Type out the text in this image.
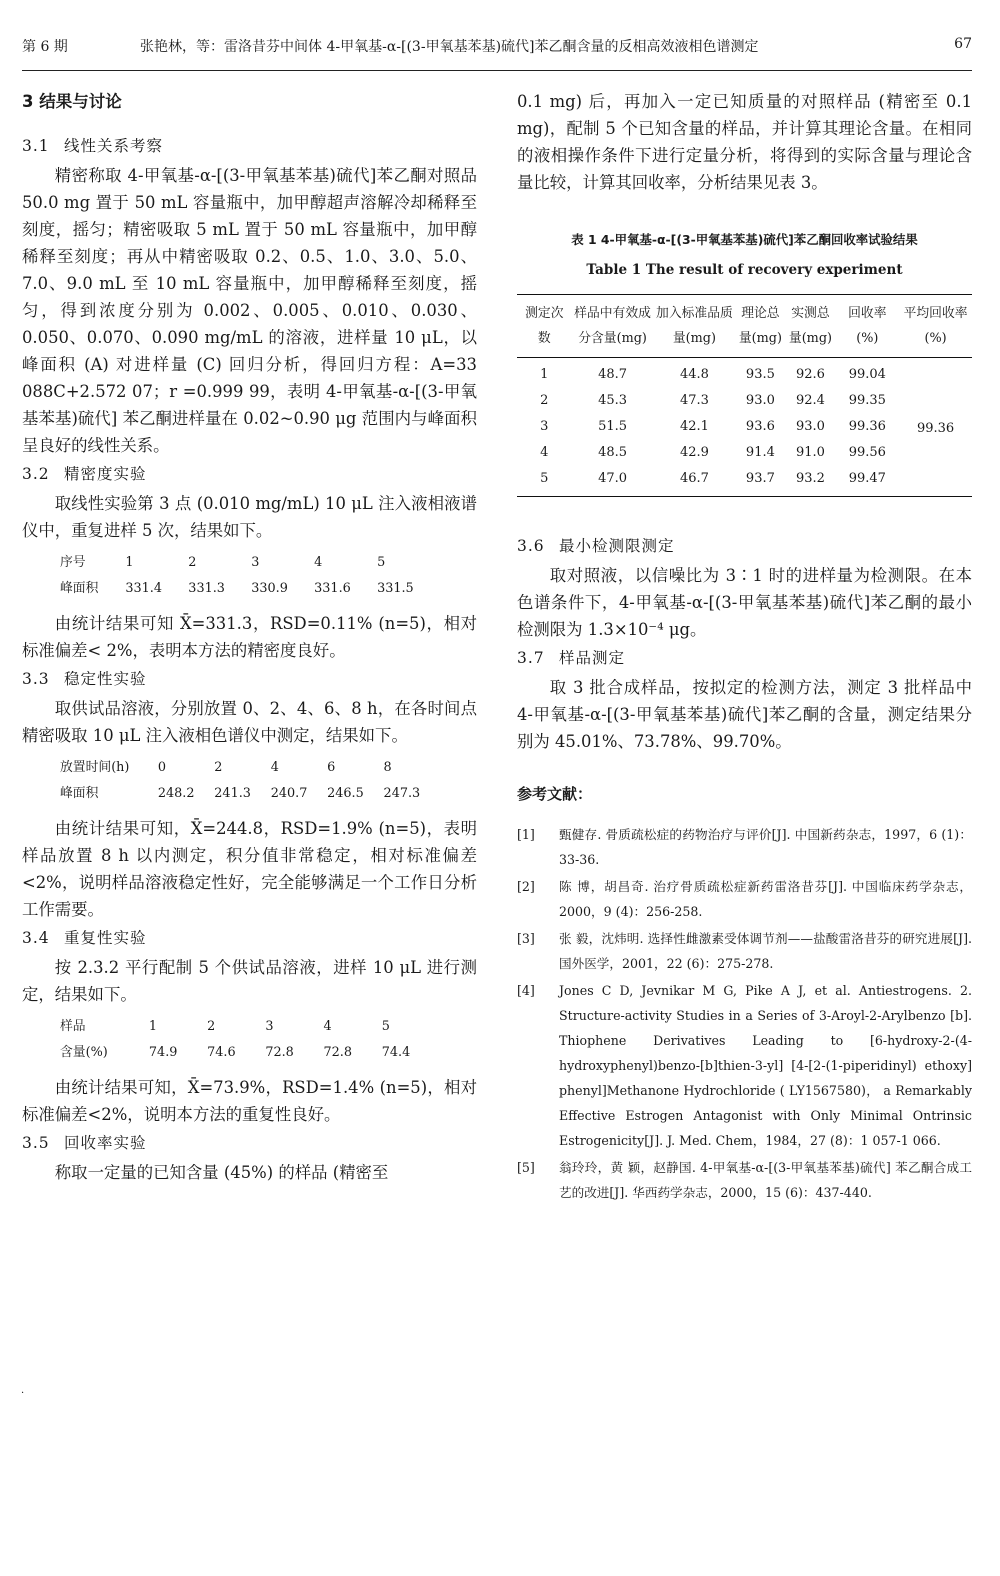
第 6 期	张艳林，等：雷洛昔芬中间体 4-甲氧基-α-[(3-甲氧基苯基)硫代]苯乙酮含量的反相高效液相色谱测定	67
3 结果与讨论
3.1 线性关系考察

精密称取 4-甲氧基-α-[(3-甲氧基苯基)硫代]苯乙酮对照品 50.0 mg 置于 50 mL 容量瓶中，加甲醇超声溶解冷却稀释至刻度，摇匀；精密吸取 5 mL 置于 50 mL 容量瓶中，加甲醇稀释至刻度；再从中精密吸取 0.2、0.5、1.0、3.0、5.0、7.0、9.0 mL 至 10 mL 容量瓶中，加甲醇稀释至刻度，摇匀，得到浓度分别为 0.002、0.005、0.010、0.030、0.050、0.070、0.090 mg/mL 的溶液，进样量 10 μL，以峰面积 (A) 对进样量 (C) 回归分析，得回归方程：A=33 088C+2.572 07；r =0.999 99，表明 4-甲氧基-α-[(3-甲氧基苯基)硫代] 苯乙酮进样量在 0.02~0.90 μg 范围内与峰面积呈良好的线性关系。

3.2 精密度实验

取线性实验第 3 点 (0.010 mg/mL) 10 μL 注入液相液谱仪中，重复进样 5 次，结果如下。

序号	1	2	3	4	5
峰面积	331.4	331.3	330.9	331.6	331.5

由统计结果可知 X̄=331.3，RSD=0.11% (n=5)，相对标准偏差< 2%，表明本方法的精密度良好。

3.3 稳定性实验

取供试品溶液，分别放置 0、2、4、6、8 h，在各时间点精密吸取 10 μL 注入液相色谱仪中测定，结果如下。

放置时间(h)	0	2	4	6	8
峰面积	248.2	241.3	240.7	246.5	247.3

由统计结果可知，X̄=244.8，RSD=1.9% (n=5)，表明样品放置 8 h 以内测定，积分值非常稳定，相对标准偏差<2%，说明样品溶液稳定性好，完全能够满足一个工作日分析工作需要。

3.4 重复性实验

按 2.3.2 平行配制 5 个供试品溶液，进样 10 μL 进行测定，结果如下。

样品	1	2	3	4	5
含量(%)	74.9	74.6	72.8	72.8	74.4

由统计结果可知，X̄=73.9%，RSD=1.4% (n=5)，相对标准偏差<2%，说明本方法的重复性良好。

3.5 回收率实验

称取一定量的已知含量 (45%) 的样品 (精密至

·

0.1 mg) 后，再加入一定已知质量的对照样品 (精密至 0.1 mg)，配制 5 个已知含量的样品，并计算其理论含量。在相同的液相操作条件下进行定量分析，将得到的实际含量与理论含量比较，计算其回收率，分析结果见表 3。

表 1 4-甲氧基-α-[(3-甲氧基苯基)硫代]苯乙酮回收率试验结果
Table 1 The result of recovery experiment
测定次数	样品中有效成分含量(mg)	加入标准品质量(mg)	理论总量(mg)	实测总量(mg)	回收率(%)	平均回收率(%)
1	48.7	44.8	93.5	92.6	99.04	99.36
2	45.3	47.3	93.0	92.4	99.35	
3	51.5	42.1	93.6	93.0	99.36	
4	48.5	42.9	91.4	91.0	99.56	
5	47.0	46.7	93.7	93.2	99.47	
3.6 最小检测限测定

取对照液，以信噪比为 3∶1 时的进样量为检测限。在本色谱条件下，4-甲氧基-α-[(3-甲氧基苯基)硫代]苯乙酮的最小检测限为 1.3×10⁻⁴ μg。

3.7 样品测定

取 3 批合成样品，按拟定的检测方法，测定 3 批样品中 4-甲氧基-α-[(3-甲氧基苯基)硫代]苯乙酮的含量，测定结果分别为 45.01%、73.78%、99.70%。

参考文献：
[1]	甄健存. 骨质疏松症的药物治疗与评价[J]. 中国新药杂志，1997，6 (1)：33-36.
[2]	陈 博，胡昌奇. 治疗骨质疏松症新药雷洛昔芬[J]. 中国临床药学杂志，2000，9 (4)：256-258.
[3]	张 毅，沈炜明. 选择性雌激素受体调节剂——盐酸雷洛昔芬的研究进展[J]. 国外医学，2001，22 (6)：275-278.
[4]	Jones C D, Jevnikar M G, Pike A J, et al. Antiestrogens. 2. Structure-activity Studies in a Series of 3-Aroyl-2-Arylbenzo [b]. Thiophene Derivatives Leading to [6-hydroxy-2-(4-hydroxyphenyl)benzo-[b]thien-3-yl] [4-[2-(1-piperidinyl) ethoxy] phenyl]Methanone Hydrochloride ( LY1567580)， a Remarkably Effective Estrogen Antagonist with Only Minimal Ontrinsic Estrogenicity[J]. J. Med. Chem，1984，27 (8)：1 057-1 066.
[5]	翁玲玲，黄 颖，赵静国. 4-甲氧基-α-[(3-甲氧基苯基)硫代] 苯乙酮合成工艺的改进[J]. 华西药学杂志，2000，15 (6)：437-440.
